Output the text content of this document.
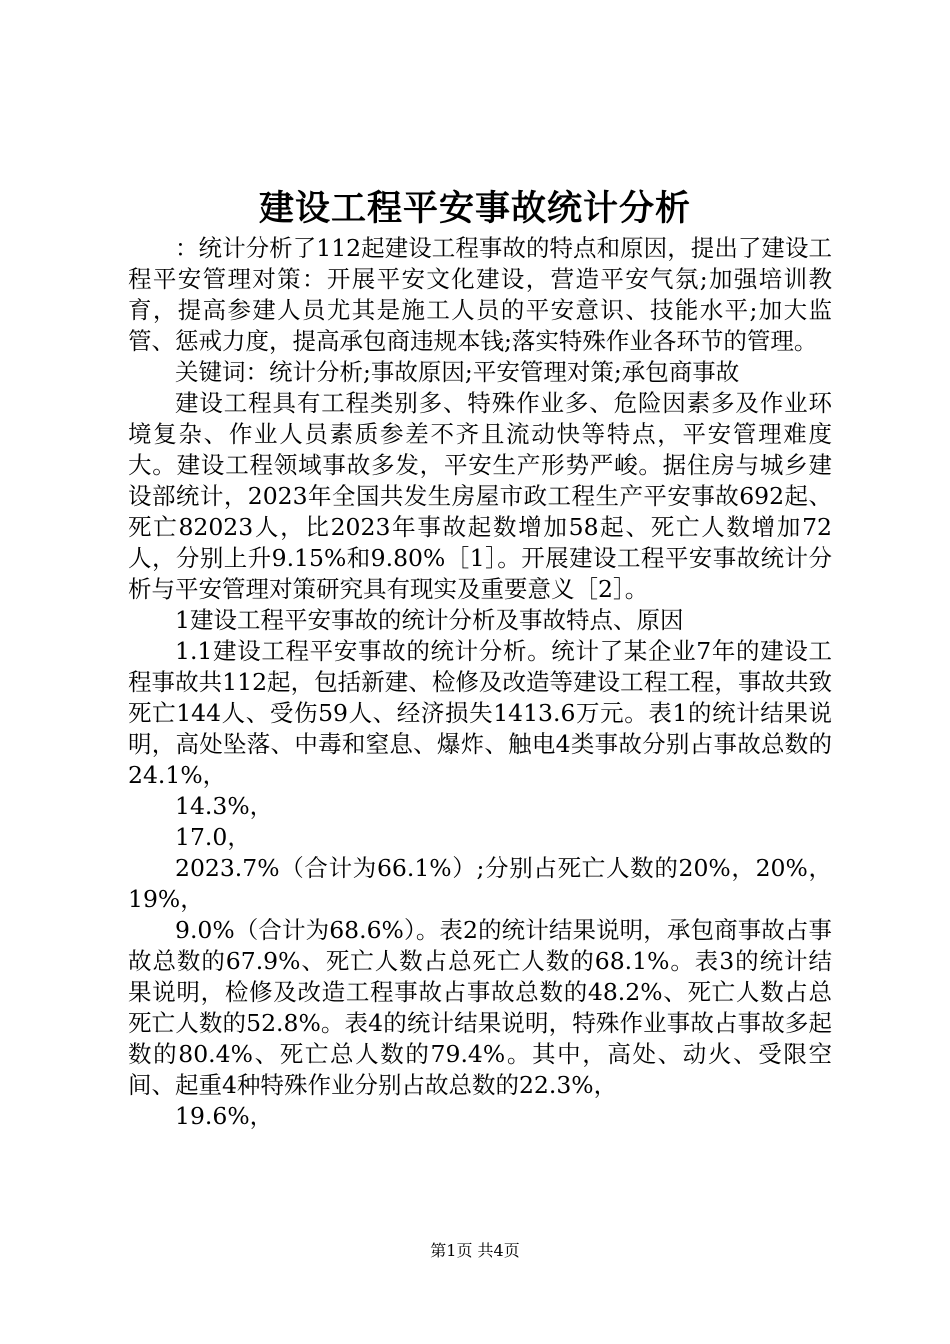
建设工程平安事故统计分析

：统计分析了112起建设工程事故的特点和原因，提出了建设工程平安管理对策：开展平安文化建设，营造平安气氛;加强培训教育，提高参建人员尤其是施工人员的平安意识、技能水平;加大监管、惩戒力度，提高承包商违规本钱;落实特殊作业各环节的管理。

关键词：统计分析;事故原因;平安管理对策;承包商事故

建设工程具有工程类别多、特殊作业多、危险因素多及作业环境复杂、作业人员素质参差不齐且流动快等特点，平安管理难度大。建设工程领域事故多发，平安生产形势严峻。据住房与城乡建设部统计，2023年全国共发生房屋市政工程生产平安事故692起、死亡82023人，比2023年事故起数增加58起、死亡人数增加72人，分别上升9.15%和9.80%［1］。开展建设工程平安事故统计分析与平安管理对策研究具有现实及重要意义［2］。

1建设工程平安事故的统计分析及事故特点、原因

1.1建设工程平安事故的统计分析。统计了某企业7年的建设工程事故共112起，包括新建、检修及改造等建设工程工程，事故共致死亡144人、受伤59人、经济损失1413.6万元。表1的统计结果说明，高处坠落、中毒和窒息、爆炸、触电4类事故分别占事故总数的24.1%，

14.3%，

17.0，

2023.7%（合计为66.1%）;分别占死亡人数的20%，20%，19%，

9.0%（合计为68.6%）。表2的统计结果说明，承包商事故占事故总数的67.9%、死亡人数占总死亡人数的68.1%。表3的统计结果说明，检修及改造工程事故占事故总数的48.2%、死亡人数占总死亡人数的52.8%。表4的统计结果说明，特殊作业事故占事故多起数的80.4%、死亡总人数的79.4%。其中，高处、动火、受限空间、起重4种特殊作业分别占故总数的22.3%，

19.6%，

第1页 共4页
